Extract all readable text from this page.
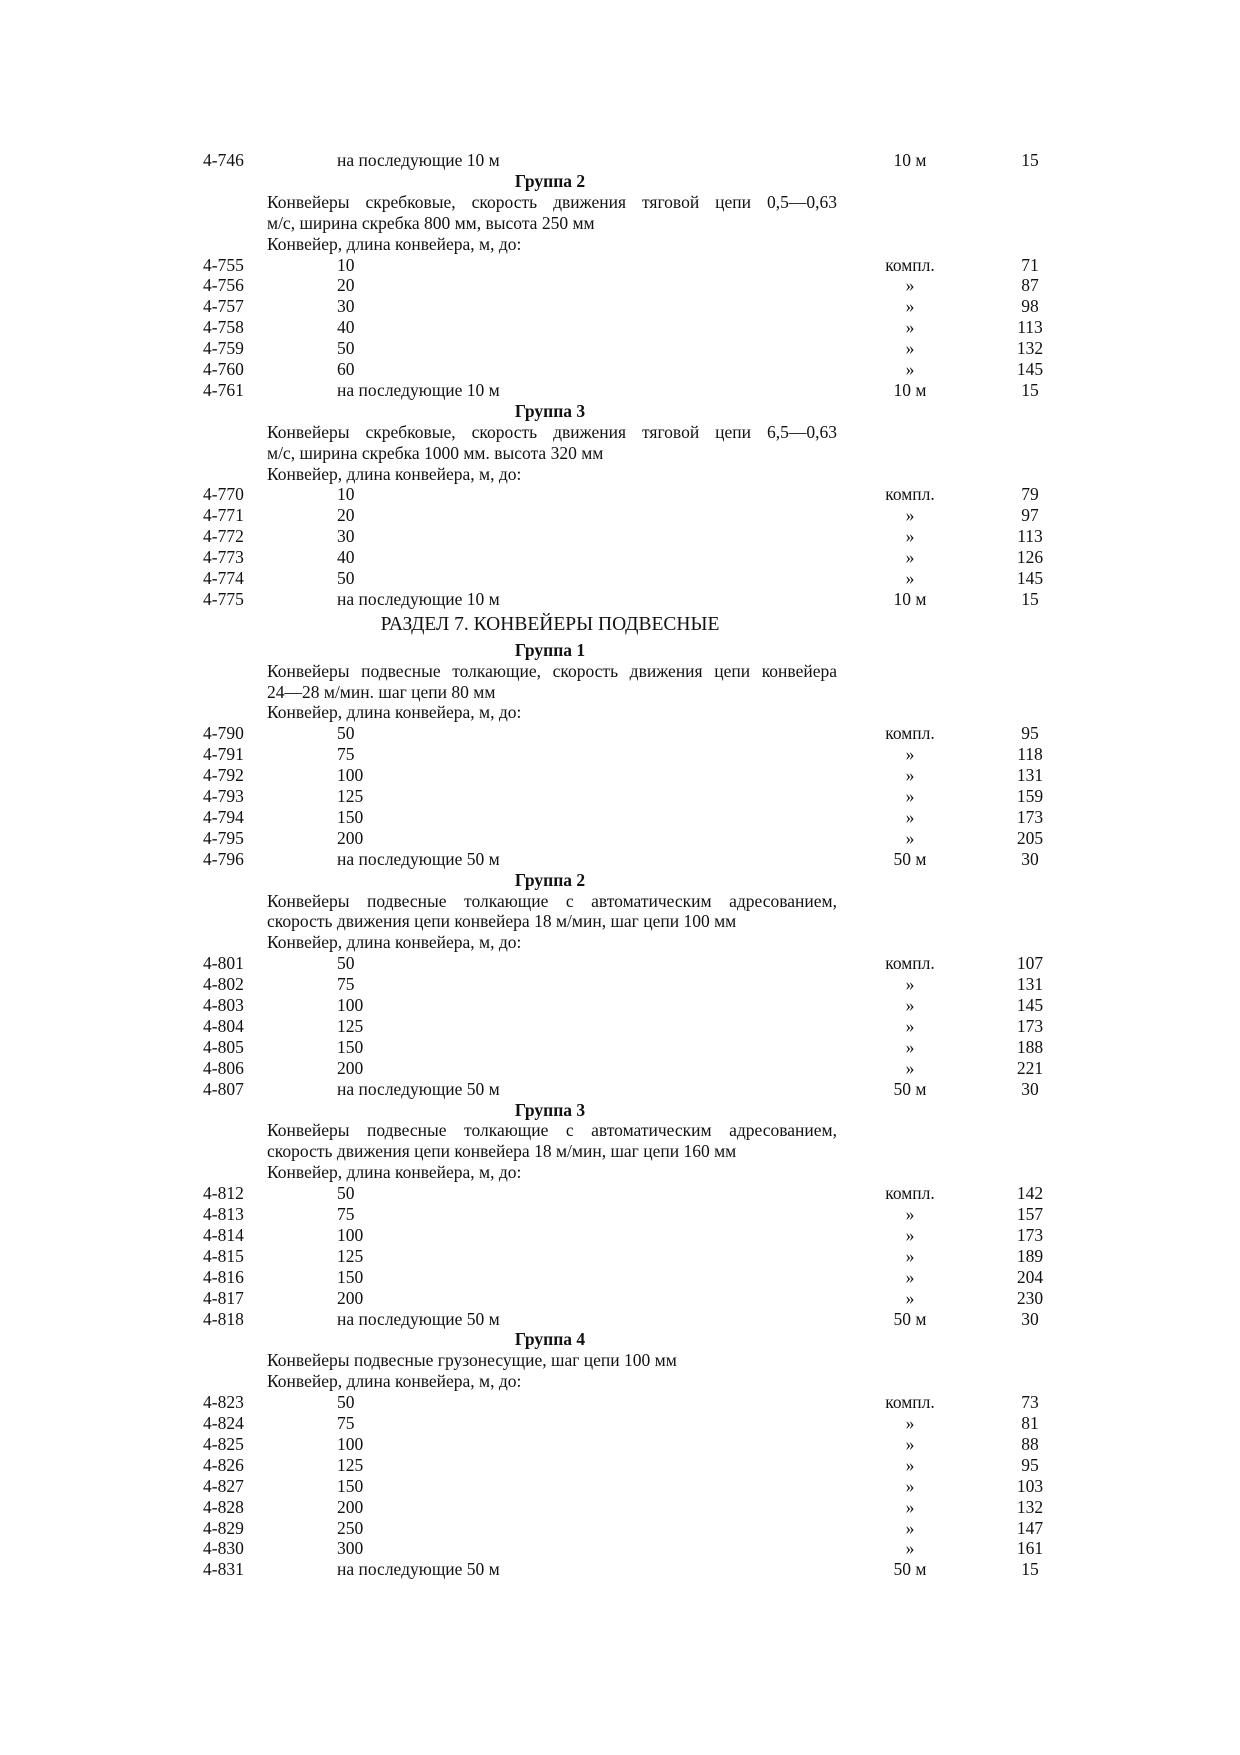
4-746	на последующие 10 м	10 м	15
Группа 2
Конвейеры скребковые, скорость движения тяговой цепи 0,5—0,63
м/с, ширина скребка 800 мм, высота 250 мм
Конвейер, длина конвейера, м, до:
4-755	10	компл.	71
4-756	20	»	87
4-757	30	»	98
4-758	40	»	113
4-759	50	»	132
4-760	60	»	145
4-761	на последующие 10 м	10 м	15
Группа 3
Конвейеры скребковые, скорость движения тяговой цепи 6,5—0,63
м/с, ширина скребка 1000 мм. высота 320 мм
Конвейер, длина конвейера, м, до:
4-770	10	компл.	79
4-771	20	»	97
4-772	30	»	113
4-773	40	»	126
4-774	50	»	145
4-775	на последующие 10 м	10 м	15
РАЗДЕЛ 7. КОНВЕЙЕРЫ ПОДВЕСНЫЕ
Группа 1
Конвейеры подвесные толкающие, скорость движения цепи конвейера
24—28 м/мин. шаг цепи 80 мм
Конвейер, длина конвейера, м, до:
4-790	50	компл.	95
4-791	75	»	118
4-792	100	»	131
4-793	125	»	159
4-794	150	»	173
4-795	200	»	205
4-796	на последующие 50 м	50 м	30
Группа 2
Конвейеры подвесные толкающие с автоматическим адресованием,
скорость движения цепи конвейера 18 м/мин, шаг цепи 100 мм
Конвейер, длина конвейера, м, до:
4-801	50	компл.	107
4-802	75	»	131
4-803	100	»	145
4-804	125	»	173
4-805	150	»	188
4-806	200	»	221
4-807	на последующие 50 м	50 м	30
Группа 3
Конвейеры подвесные толкающие с автоматическим адресованием,
скорость движения цепи конвейера 18 м/мин, шаг цепи 160 мм
Конвейер, длина конвейера, м, до:
4-812	50	компл.	142
4-813	75	»	157
4-814	100	»	173
4-815	125	»	189
4-816	150	»	204
4-817	200	»	230
4-818	на последующие 50 м	50 м	30
Группа 4
Конвейеры подвесные грузонесущие, шаг цепи 100 мм
Конвейер, длина конвейера, м, до:
4-823	50	компл.	73
4-824	75	»	81
4-825	100	»	88
4-826	125	»	95
4-827	150	»	103
4-828	200	»	132
4-829	250	»	147
4-830	300	»	161
4-831	на последующие 50 м	50 м	15
